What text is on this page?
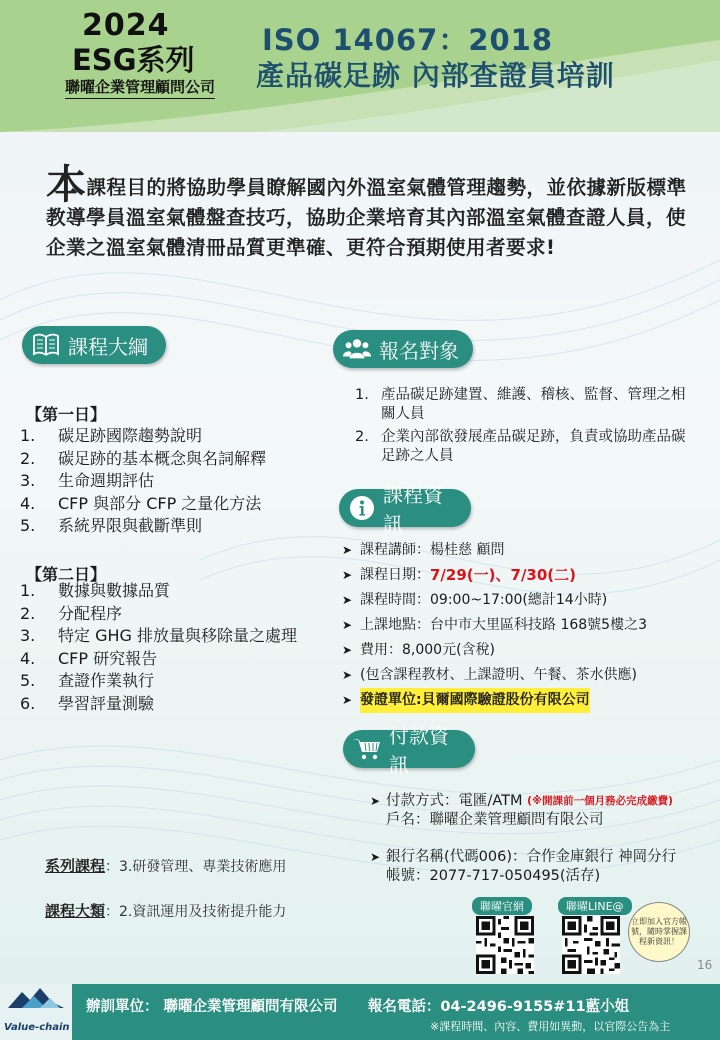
2024
ESG系列
聯曜企業管理顧問公司
ISO 14067：2018
產品碳足跡 內部查證員培訓
本課程目的將協助學員瞭解國內外溫室氣體管理趨勢，並依據新版標準教導學員溫室氣體盤查技巧，協助企業培育其內部溫室氣體查證人員，使企業之溫室氣體清冊品質更準確、更符合預期使用者要求!
課程大綱
【第一日】
1.	碳足跡國際趨勢說明
2.	碳足跡的基本概念與名詞解釋
3.	生命週期評估
4.	CFP 與部分 CFP 之量化方法
5.	系統界限與截斷準則
【第二日】
1.	數據與數據品質
2.	分配程序
3.	特定 GHG 排放量與移除量之處理
4.	CFP 研究報告
5.	查證作業執行
6.	學習評量測驗
報名對象
1. 產品碳足跡建置、維護、稽核、監督、管理之相關人員
2. 企業內部欲發展產品碳足跡，負責或協助產品碳足跡之人員
課程資訊
➤ 課程講師：楊桂慈 顧問
➤ 課程日期： 7/29(一)、7/30(二)
➤ 課程時間：09:00~17:00(總計14小時)
➤ 上課地點：台中市大里區科技路 168號5樓之3
➤ 費用：8,000元(含稅)
➤ (包含課程教材、上課證明、午餐、茶水供應)
➤ 發證單位:貝爾國際驗證股份有限公司
付款資訊
➤ 付款方式：電匯/ATM
(※開課前一個月務必完成繳費)
戶名：聯曜企業管理顧問有限公司
➤ 銀行名稱(代碼006)：合作金庫銀行 神岡分行
帳號：2077-717-050495(活存)
系列課程：3.研發管理、專業技術應用
課程大類：2.資訊運用及技術提升能力	聯曜官網	聯曜LINE@
立即加入官方帳號，隨時掌握課程新資訊！
16
Value-chain
辦訓單位： 聯曜企業管理顧問有限公司      報名電話：04-2496-9155#11藍小姐
※課程時間、內容、費用如異動，以官際公告為主
